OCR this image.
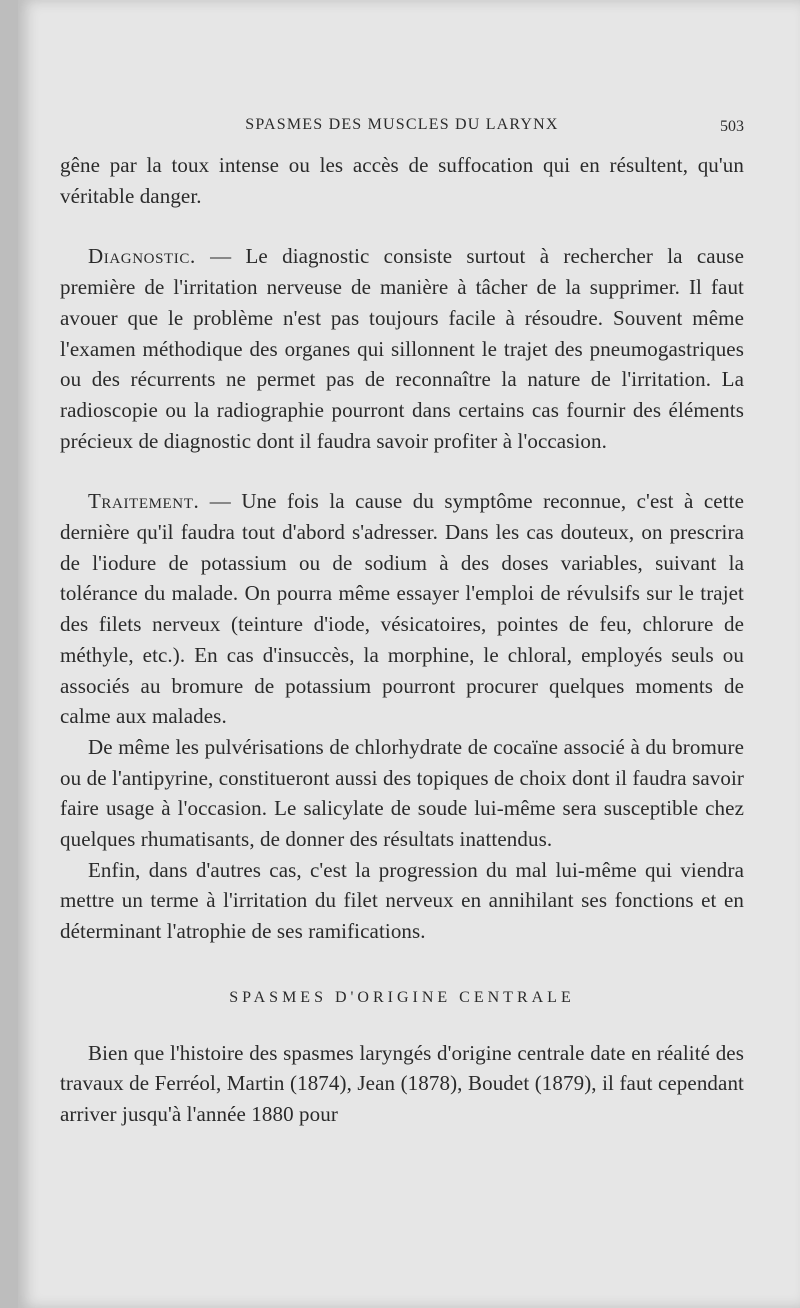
SPASMES DES MUSCLES DU LARYNX	503

gêne par la toux intense ou les accès de suffocation qui en résultent, qu'un véritable danger.

Diagnostic. — Le diagnostic consiste surtout à rechercher la cause première de l'irritation nerveuse de manière à tâcher de la supprimer. Il faut avouer que le problème n'est pas toujours facile à résoudre. Souvent même l'examen méthodique des organes qui sillonnent le trajet des pneumogastriques ou des récurrents ne permet pas de reconnaître la nature de l'irritation. La radioscopie ou la radiographie pourront dans certains cas fournir des éléments précieux de diagnostic dont il faudra savoir profiter à l'occasion.

Traitement. — Une fois la cause du symptôme reconnue, c'est à cette dernière qu'il faudra tout d'abord s'adresser. Dans les cas douteux, on prescrira de l'iodure de potassium ou de sodium à des doses variables, suivant la tolérance du malade. On pourra même essayer l'emploi de révulsifs sur le trajet des filets nerveux (teinture d'iode, vésicatoires, pointes de feu, chlorure de méthyle, etc.). En cas d'insuccès, la morphine, le chloral, employés seuls ou associés au bromure de potassium pourront procurer quelques moments de calme aux malades.

De même les pulvérisations de chlorhydrate de cocaïne associé à du bromure ou de l'antipyrine, constitueront aussi des topiques de choix dont il faudra savoir faire usage à l'occasion. Le salicylate de soude lui-même sera susceptible chez quelques rhumatisants, de donner des résultats inattendus.

Enfin, dans d'autres cas, c'est la progression du mal lui-même qui viendra mettre un terme à l'irritation du filet nerveux en annihilant ses fonctions et en déterminant l'atrophie de ses ramifications.

SPASMES D'ORIGINE CENTRALE

Bien que l'histoire des spasmes laryngés d'origine centrale date en réalité des travaux de Ferréol, Martin (1874), Jean (1878), Boudet (1879), il faut cependant arriver jusqu'à l'année 1880 pour
